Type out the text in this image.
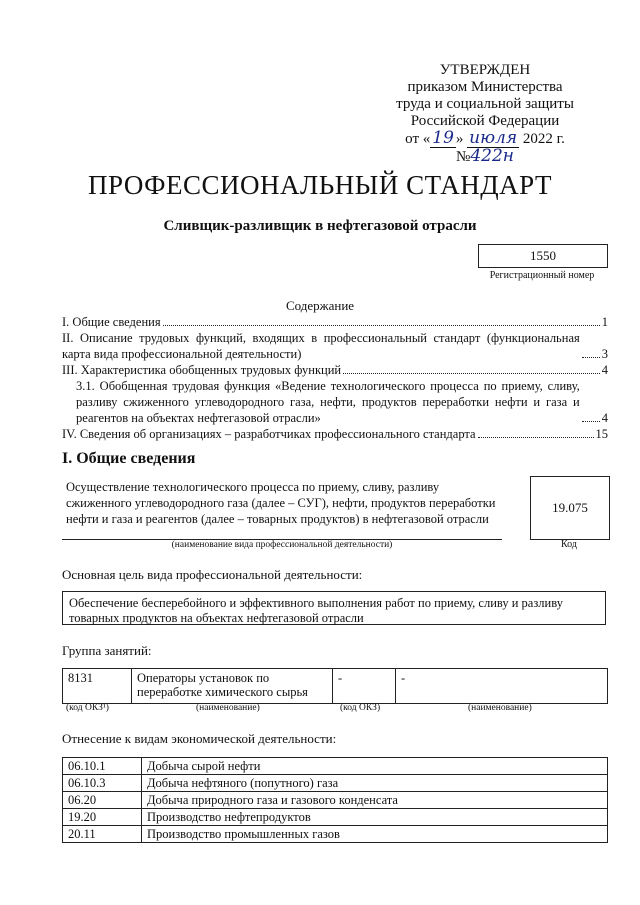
УТВЕРЖДЕН
приказом Министерства
труда и социальной защиты
Российской Федерации
от « 19 » июля 2022 г. №422н
ПРОФЕССИОНАЛЬНЫЙ СТАНДАРТ
Сливщик-разливщик в нефтегазовой отрасли
1550
Регистрационный номер
Содержание
I. Общие сведения	1
II. Описание трудовых функций, входящих в профессиональный стандарт (функциональная карта вида профессиональной деятельности)	3
III. Характеристика обобщенных трудовых функций	4
3.1. Обобщенная трудовая функция «Ведение технологического процесса по приему, сливу, разливу сжиженного углеводородного газа, нефти, продуктов переработки нефти и газа и реагентов на объектах нефтегазовой отрасли»	4
IV. Сведения об организациях – разработчиках профессионального стандарта	15
I. Общие сведения
Осуществление технологического процесса по приему, сливу, разливу сжиженного углеводородного газа (далее – СУГ), нефти, продуктов переработки нефти и газа и реагентов (далее – товарных продуктов) в нефтегазовой отрасли
(наименование вида профессиональной деятельности)
19.075
Код
Основная цель вида профессиональной деятельности:
Обеспечение бесперебойного и эффективного выполнения работ по приему, сливу и разливу товарных продуктов на объектах нефтегазовой отрасли
Группа занятий:
8131	Операторы установок по переработке химического сырья	-	-
(код ОКЗ¹)	(наименование)	(код ОКЗ)	(наименование)
Отнесение к видам экономической деятельности:
06.10.1	Добыча сырой нефти
06.10.3	Добыча нефтяного (попутного) газа
06.20	Добыча природного газа и газового конденсата
19.20	Производство нефтепродуктов
20.11	Производство промышленных газов
